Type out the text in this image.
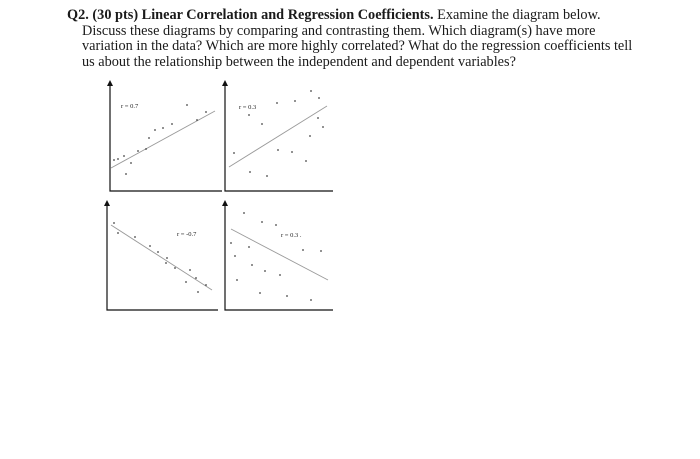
Q2. (30 pts) Linear Correlation and Regression Coefficients. Examine the diagram below. Discuss these diagrams by comparing and contrasting them. Which diagram(s) have more variation in the data? Which are more highly correlated? What do the regression coefficients tell us about the relationship between the independent and dependent variables?
r = 0.7	r = 0.3
r = -0.7	r = 0.3 .
